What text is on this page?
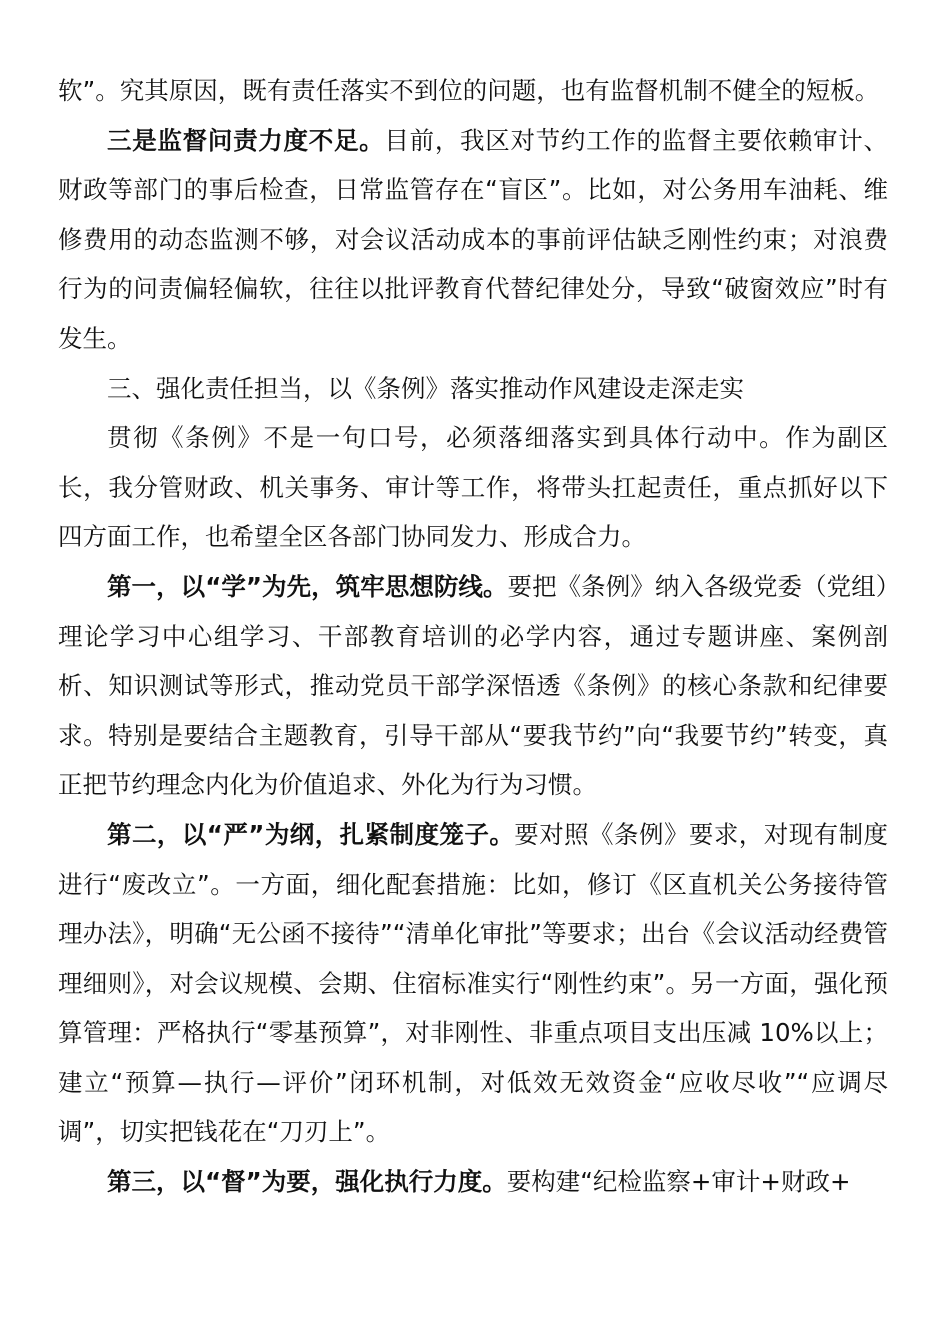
软”。究其原因，既有责任落实不到位的问题，也有监督机制不健全的短板。

三是监督问责力度不足。目前，我区对节约工作的监督主要依赖审计、财政等部门的事后检查，日常监管存在“盲区”。比如，对公务用车油耗、维修费用的动态监测不够，对会议活动成本的事前评估缺乏刚性约束；对浪费行为的问责偏轻偏软，往往以批评教育代替纪律处分，导致“破窗效应”时有发生。

三、强化责任担当，以《条例》落实推动作风建设走深走实

贯彻《条例》不是一句口号，必须落细落实到具体行动中。作为副区长，我分管财政、机关事务、审计等工作，将带头扛起责任，重点抓好以下四方面工作，也希望全区各部门协同发力、形成合力。

第一，以“学”为先，筑牢思想防线。要把《条例》纳入各级党委（党组）理论学习中心组学习、干部教育培训的必学内容，通过专题讲座、案例剖析、知识测试等形式，推动党员干部学深悟透《条例》的核心条款和纪律要求。特别是要结合主题教育，引导干部从“要我节约”向“我要节约”转变，真正把节约理念内化为价值追求、外化为行为习惯。

第二，以“严”为纲，扎紧制度笼子。要对照《条例》要求，对现有制度进行“废改立”。一方面，细化配套措施：比如，修订《区直机关公务接待管理办法》，明确“无公函不接待”“清单化审批”等要求；出台《会议活动经费管理细则》，对会议规模、会期、住宿标准实行“刚性约束”。另一方面，强化预算管理：严格执行“零基预算”，对非刚性、非重点项目支出压减 10%以上；建立“预算—执行—评价”闭环机制，对低效无效资金“应收尽收”“应调尽调”，切实把钱花在“刀刃上”。

第三，以“督”为要，强化执行力度。要构建“纪检监察+审计+财政+
